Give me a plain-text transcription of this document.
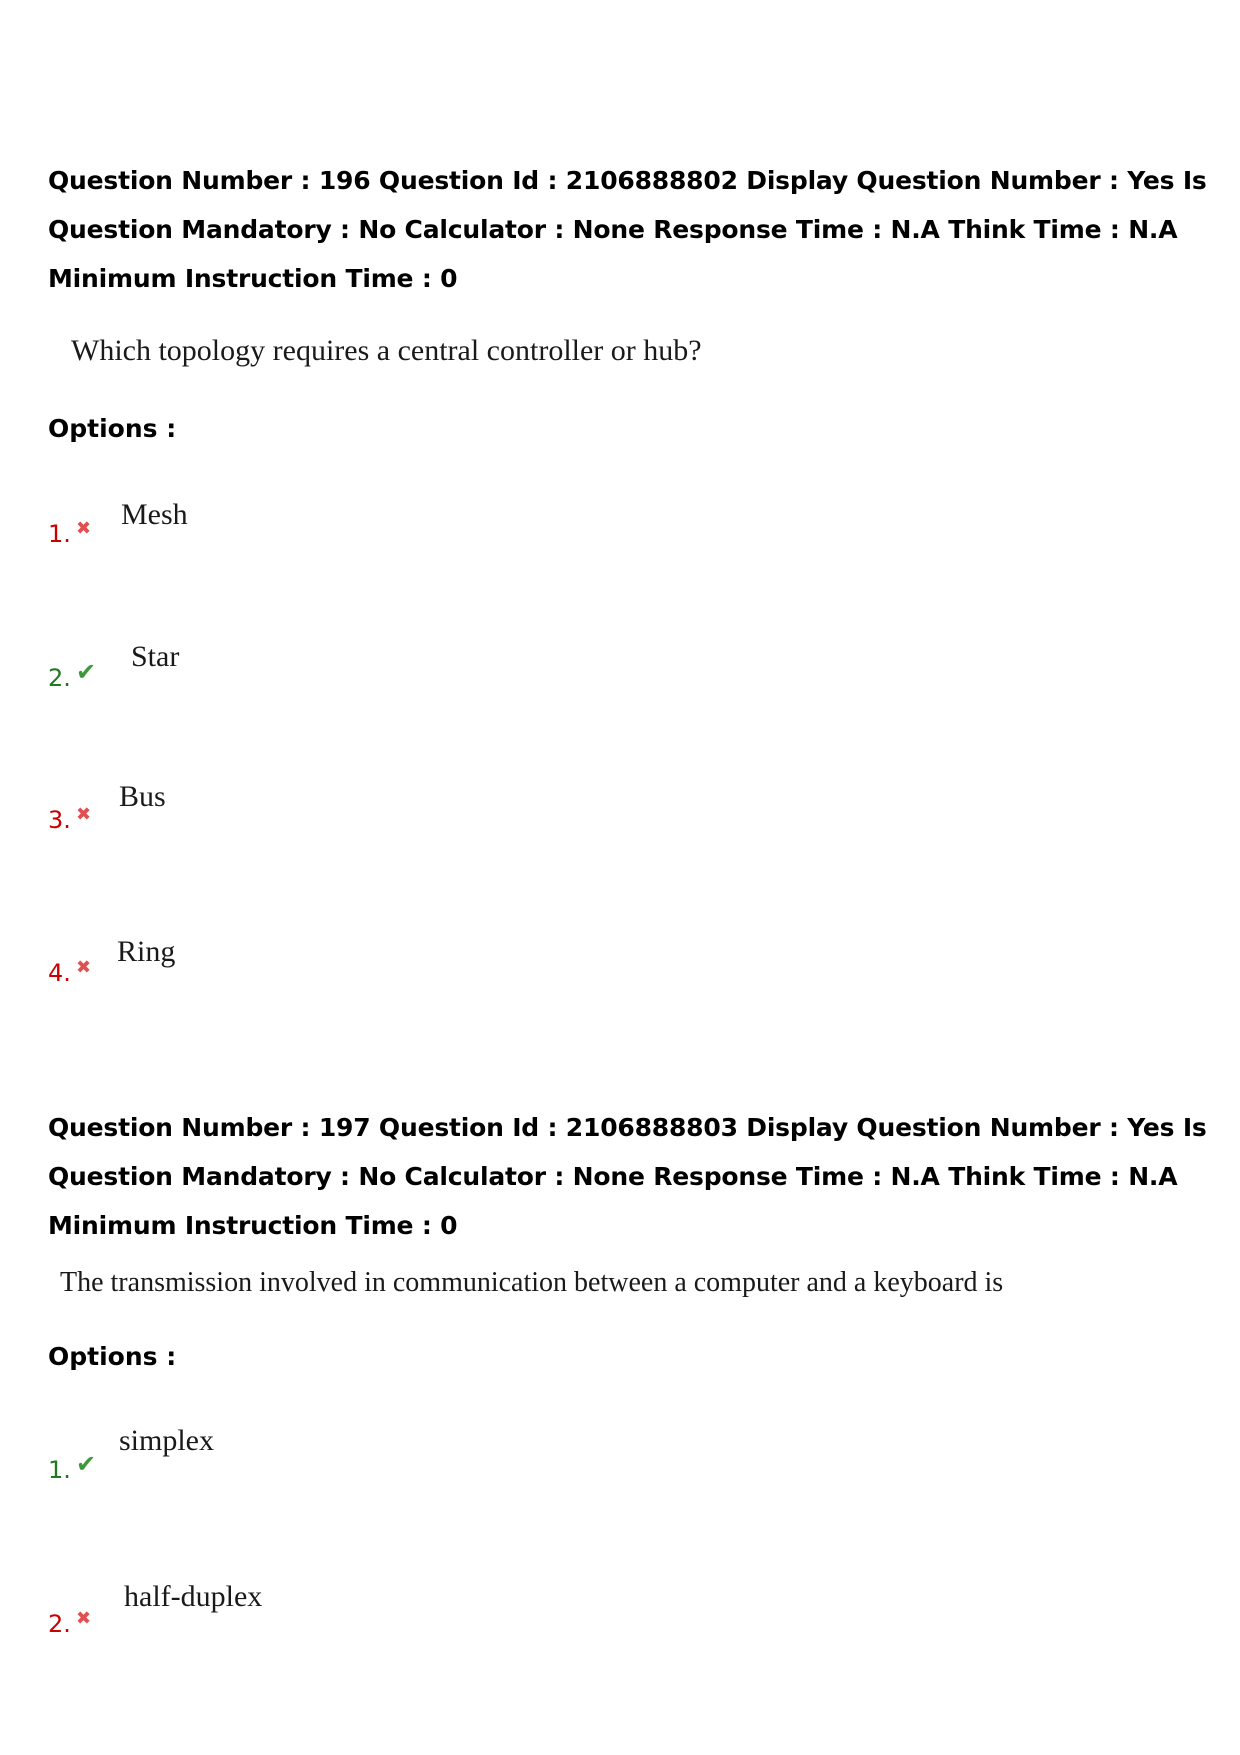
Question Number : 196 Question Id : 2106888802 Display Question Number : Yes Is Question Mandatory : No Calculator : None Response Time : N.A Think Time : N.A Minimum Instruction Time : 0

Which topology requires a central controller or hub?

Options :

1. ✖ Mesh
2. ✔ Star
3. ✖
Bus
4. ✖ Ring

Question Number : 197 Question Id : 2106888803 Display Question Number : Yes Is Question Mandatory : No Calculator : None Response Time : N.A Think Time : N.A Minimum Instruction Time : 0

The transmission involved in communication between a computer and a keyboard is

Options :

1. ✔
simplex
2. ✖
half-duplex
